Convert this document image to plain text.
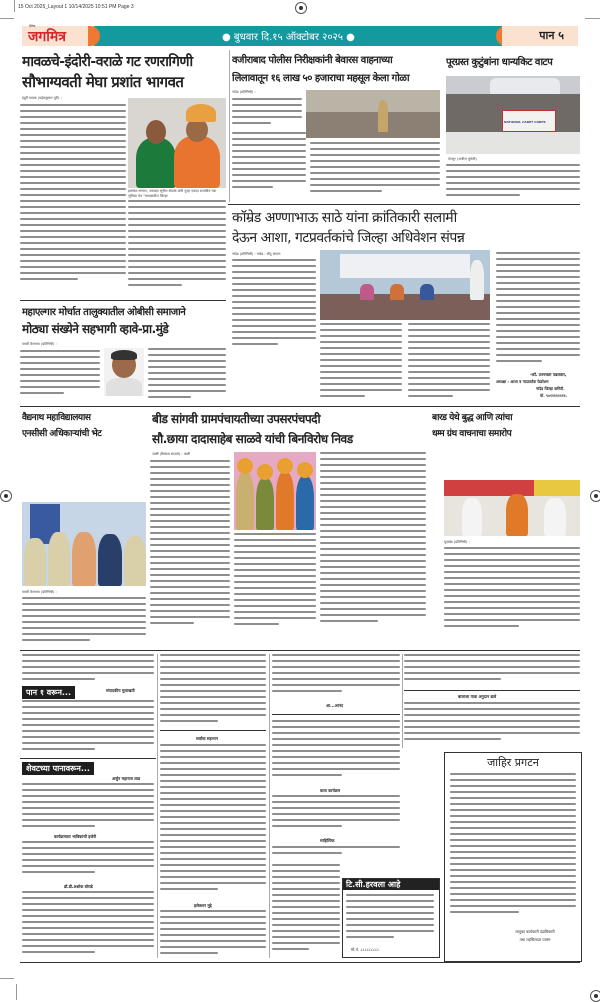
15 Oct 2025_Layout 1 10/14/2025 10:51 PM Page 3
दैनिक
जगमित्र	● बुधवार दि.१५ ऑक्टोबर २०२५ ●	पान ५
मावळचे-इंदोरी-वराळे गट रणरागिणी
सौभाग्यवती मेघा प्रशांत भागवत
इंदुरी मावळ (महेशकुमार पुरी) :
इलाचेत.सन्मान, आमदार सुनील शेळके यांनी पुन्हा एकदा राजकीय नवा भूमिका येत "मावळातील जिल्हा
वजीराबाद पोलीस निरीक्षकांनी बेवारस वाहनाच्या
लिलावातून १६ लाख ५० हजाराचा महसूल केला गोळा
नांदेड (प्रतिनिधी) :
पूरग्रस्त कुटुंबांना धान्यकिट वाटप
NATIONAL CADET CORPS
देगलूर (अजीज कुरेशी)
कॉम्रेड अण्णाभाऊ साठे यांना क्रांतिकारी सलामी
देऊन आशा, गटप्रवर्तकांचे जिल्हा अधिवेशन संपन्न
नांदेड (प्रतिनिधी) : नांदेड : सीटू संलग्न
-कॉ. उज्ज्वला पडलवार,
अध्यक्षा : आशा व गटप्रवर्तक फेडरेशन
नांदेड जिल्हा कमिटी.
मो. ९०११११११११.
महाएल्गार मोर्चात तालुक्यातील ओबीसी समाजाने
मोठ्या संख्येने सहभागी व्हावे-प्रा.मुंडे
परळी वैजनाथ (प्रतिनिधी) :
वैद्यनाथ महाविद्यालयास
एनसीसी अधिकाऱ्यांची भेट
परळी वैजनाथ (प्रतिनिधी) :
बीड सांगवी ग्रामपंचायतीच्या उपसरपंचपदी
सौ.छाया दादासाहेब साळवे यांची बिनविरोध निवड
आष्टी (विकास साळवे) : आष्टी
बारड येथे बुद्ध आणि त्यांचा
धम्म ग्रंथ वाचनाचा समारोप
मुदखेड (प्रतिनिधी) :
पान १ वरून...	संपादकीय मुलाखती
शेवटच्या पानावरून...
अर्जुन महाराज लाड
कार्यक्रमाला भाविकांची हजेरी
डॉ.डी.अशोक बोराडे
सर्वांचा सहभाग
इलेक्शन मुद्दे
आ...आनंद
कला कार्यक्रम
साहित्यिक
टि.सी.हरवला आहे
मो.नं. ८८८८८८८८८
बालाजा यात्रा अनुदान द्यावे
जाहिर प्रगटन
तालुका कार्यकारी दंडाधिकारी
तथा तहसिलदार पालम
